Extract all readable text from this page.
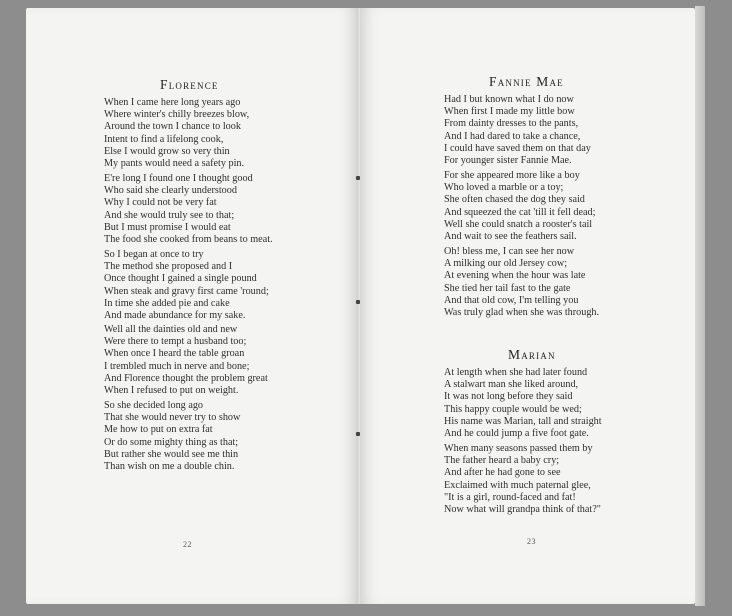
Florence
When I came here long years ago
Where winter's chilly breezes blow,
Around the town I chance to look
Intent to find a lifelong cook,
Else I would grow so very thin
My pants would need a safety pin.
E're long I found one I thought good
Who said she clearly understood
Why I could not be very fat
And she would truly see to that;
But I must promise I would eat
The food she cooked from beans to meat.
So I began at once to try
The method she proposed and I
Once thought I gained a single pound
When steak and gravy first came 'round;
In time she added pie and cake
And made abundance for my sake.
Well all the dainties old and new
Were there to tempt a husband too;
When once I heard the table groan
I trembled much in nerve and bone;
And Florence thought the problem great
When I refused to put on weight.
So she decided long ago
That she would never try to show
Me how to put on extra fat
Or do some mighty thing as that;
But rather she would see me thin
Than wish on me a double chin.
22
Fannie Mae
Had I but known what I do now
When first I made my little bow
From dainty dresses to the pants,
And I had dared to take a chance,
I could have saved them on that day
For younger sister Fannie Mae.
For she appeared more like a boy
Who loved a marble or a toy;
She often chased the dog they said
And squeezed the cat 'till it fell dead;
Well she could snatch a rooster's tail
And wait to see the feathers sail.
Oh! bless me, I can see her now
A milking our old Jersey cow;
At evening when the hour was late
She tied her tail fast to the gate
And that old cow, I'm telling you
Was truly glad when she was through.
Marian
At length when she had later found
A stalwart man she liked around,
It was not long before they said
This happy couple would be wed;
His name was Marian, tall and straight
And he could jump a five foot gate.
When many seasons passed them by
The father heard a baby cry;
And after he had gone to see
Exclaimed with much paternal glee,
"It is a girl, round-faced and fat!
Now what will grandpa think of that?"
23
